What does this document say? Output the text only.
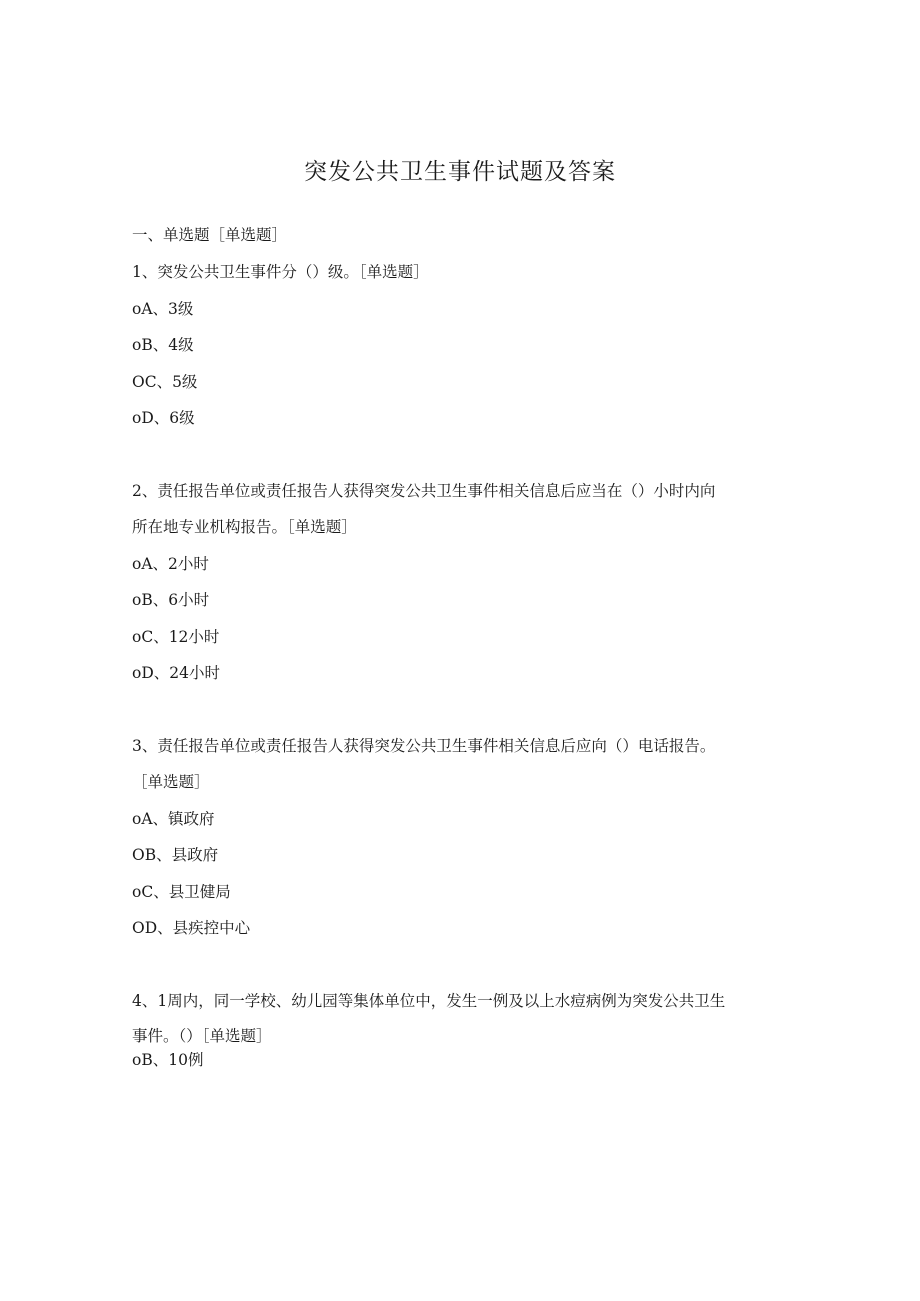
突发公共卫生事件试题及答案
一、单选题［单选题］
1、突发公共卫生事件分（）级。［单选题］
oA、3级
oB、4级
OC、5级
oD、6级
2、责任报告单位或责任报告人获得突发公共卫生事件相关信息后应当在（）小时内向
所在地专业机构报告。［单选题］
oA、2小时
oB、6小时
oC、12小时
oD、24小时
3、责任报告单位或责任报告人获得突发公共卫生事件相关信息后应向（）电话报告。
［单选题］
oA、镇政府
OB、县政府
oC、县卫健局
OD、县疾控中心
4、1周内，同一学校、幼儿园等集体单位中，发生一例及以上水痘病例为突发公共卫生
事件。（）［单选题］
oB、10例
